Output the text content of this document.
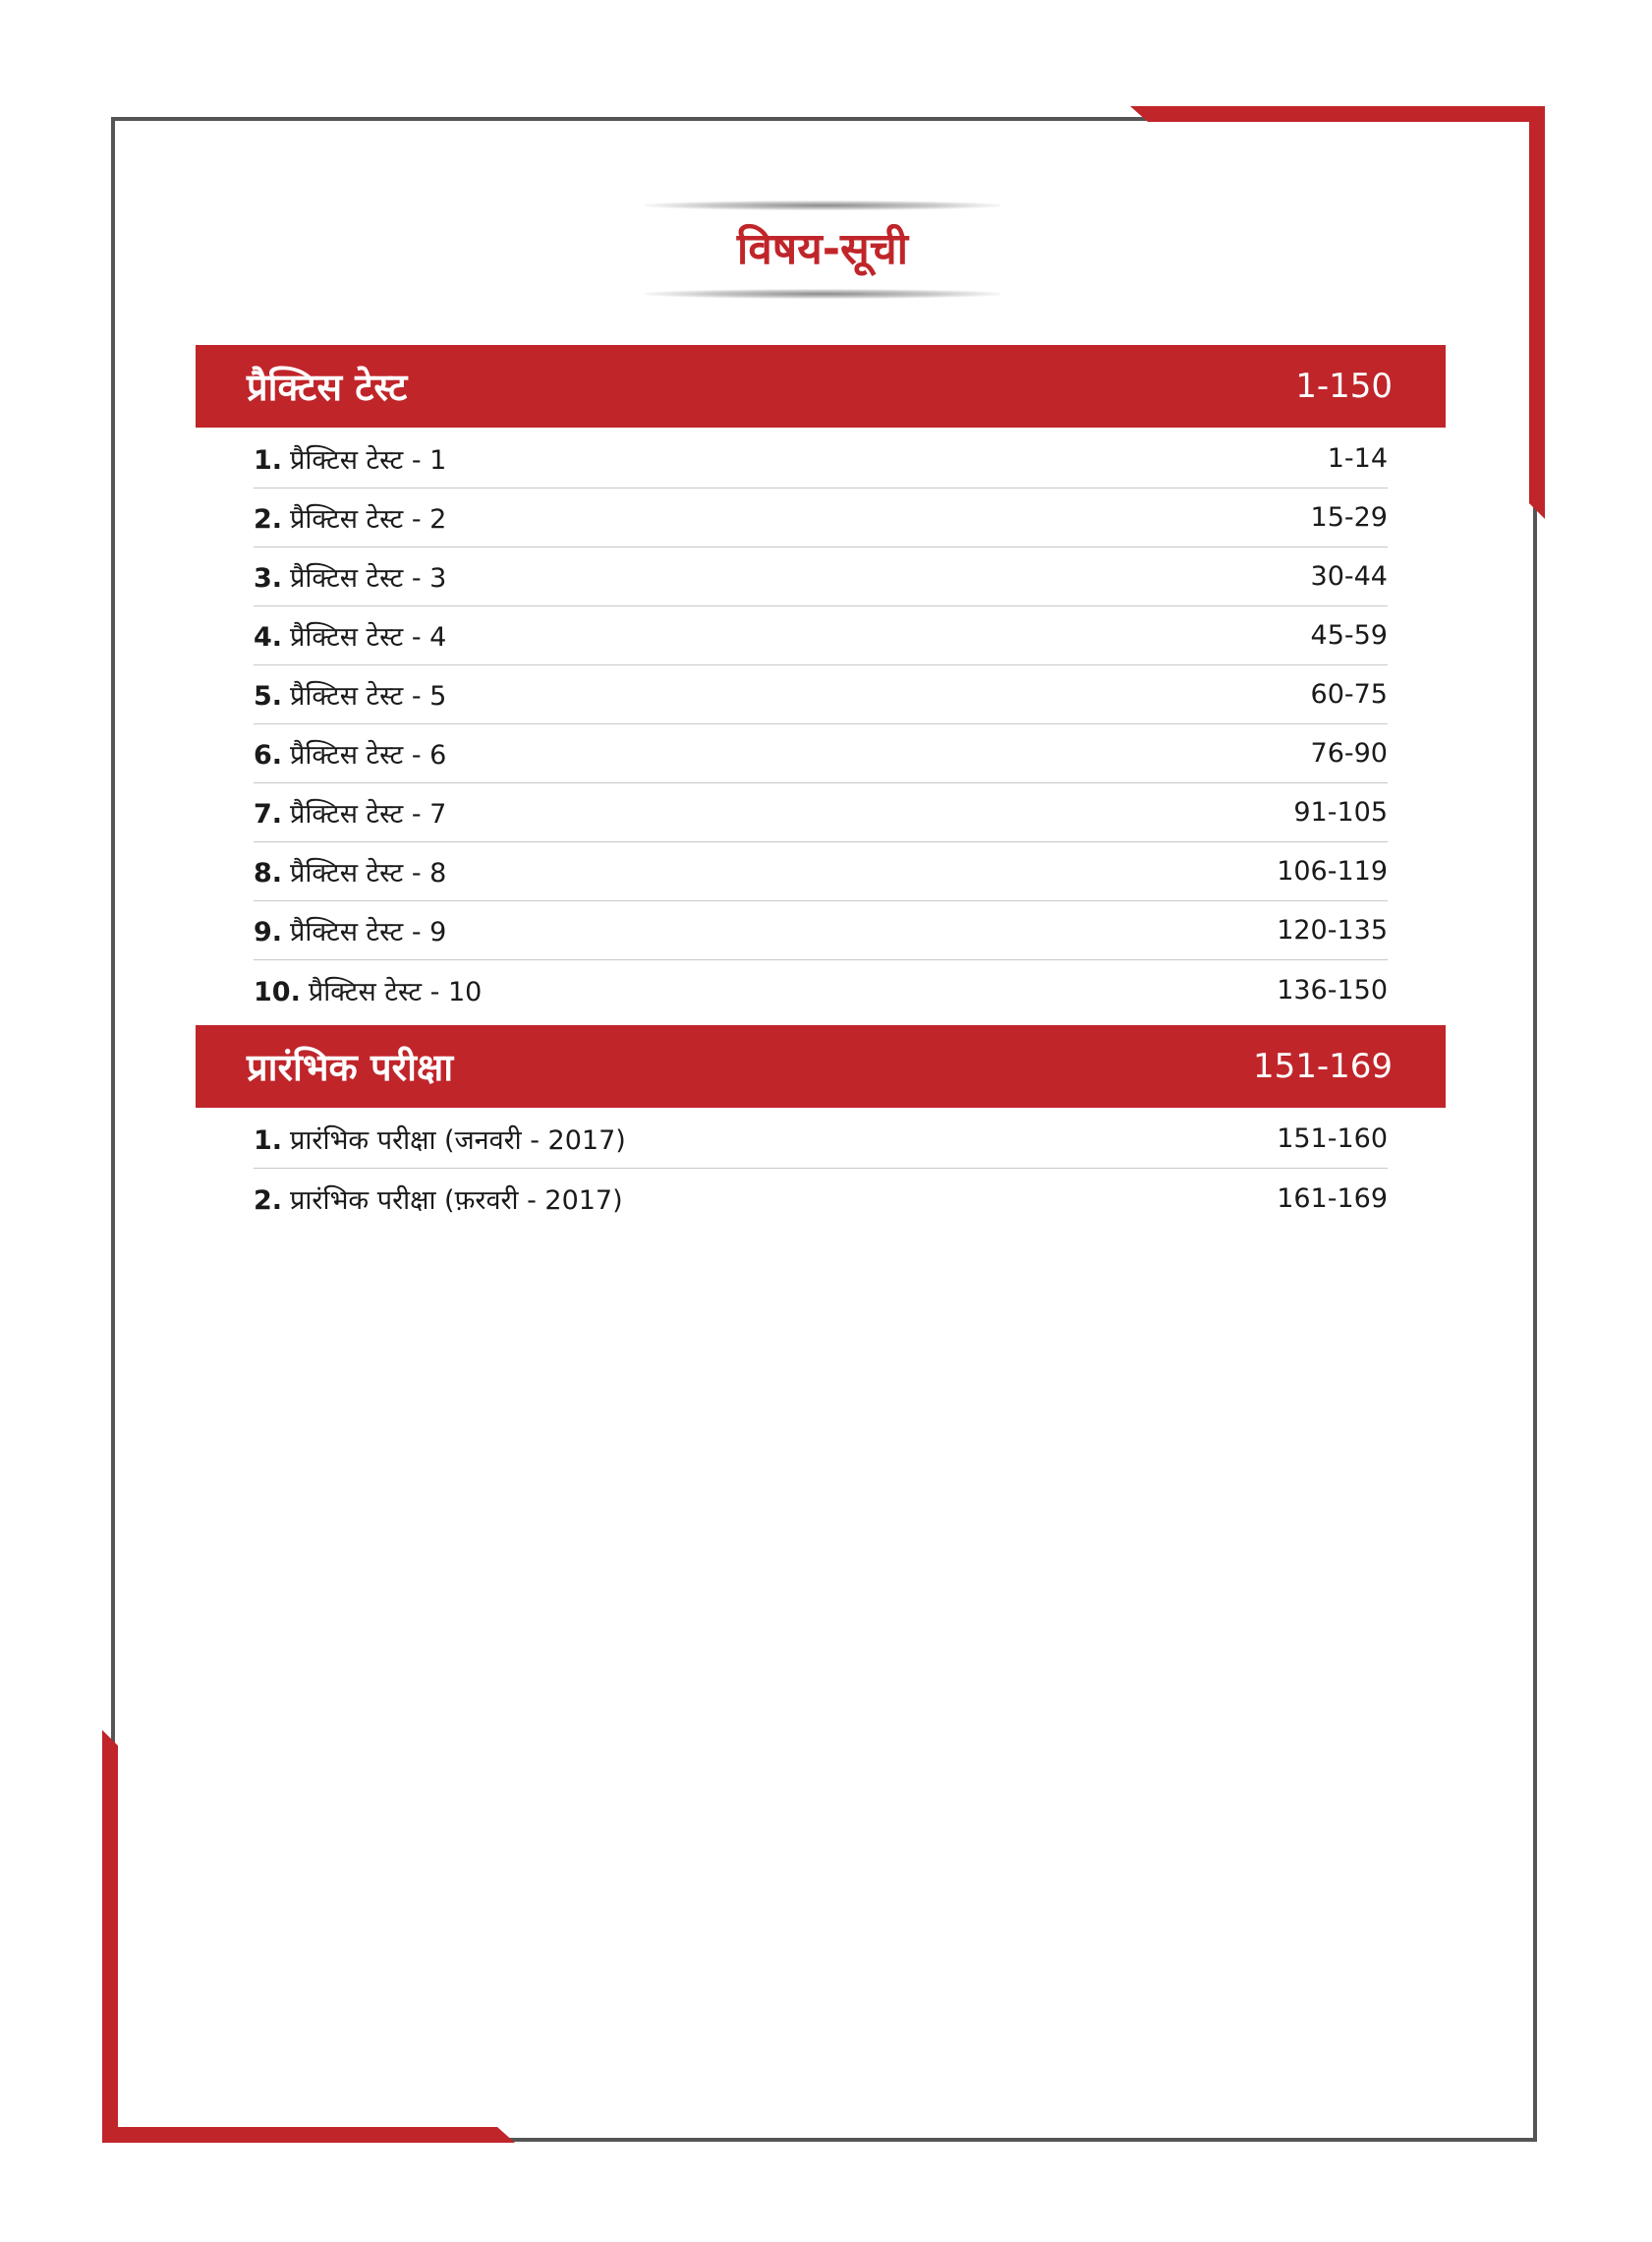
विषय-सूची
प्रैक्टिस टेस्ट	1-150
1. प्रैक्टिस टेस्ट - 1	1-14
2. प्रैक्टिस टेस्ट - 2	15-29
3. प्रैक्टिस टेस्ट - 3	30-44
4. प्रैक्टिस टेस्ट - 4	45-59
5. प्रैक्टिस टेस्ट - 5	60-75
6. प्रैक्टिस टेस्ट - 6	76-90
7. प्रैक्टिस टेस्ट - 7	91-105
8. प्रैक्टिस टेस्ट - 8	106-119
9. प्रैक्टिस टेस्ट - 9	120-135
10. प्रैक्टिस टेस्ट - 10	136-150
प्रारंभिक परीक्षा	151-169
1. प्रारंभिक परीक्षा (जनवरी - 2017)	151-160
2. प्रारंभिक परीक्षा (फ़रवरी - 2017)	161-169
